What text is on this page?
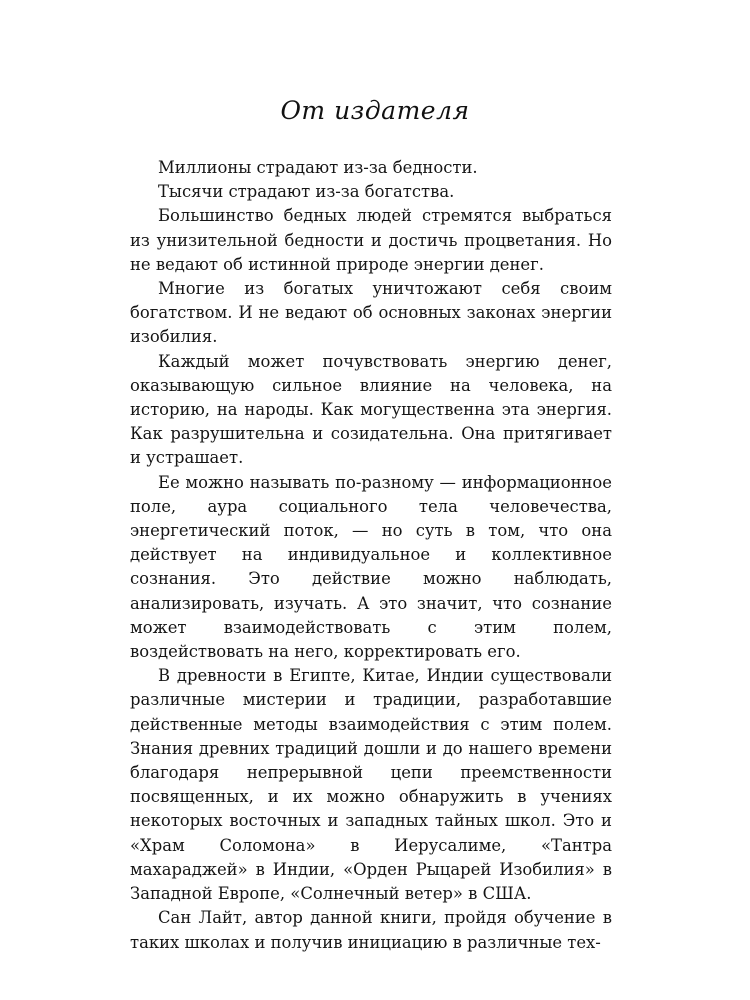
От издателя

Миллионы страдают из-за бедности.

Тысячи страдают из-за богатства.

Большинство бедных людей стремятся выбраться из унизительной бедности и достичь процветания. Но не ведают об истинной природе энергии денег.

Многие из богатых уничтожают себя своим богатством. И не ведают об основных законах энергии изобилия.

Каждый может почувствовать энергию денег, оказывающую сильное влияние на человека, на историю, на народы. Как могущественна эта энергия. Как разрушительна и созидательна. Она притягивает и устрашает.

Ее можно называть по-разному — информационное поле, аура социального тела человечества, энергетический поток, — но суть в том, что она действует на индивидуальное и коллективное сознания. Это действие можно наблюдать, анализировать, изучать. А это значит, что сознание может взаимодействовать с этим полем, воздействовать на него, корректировать его.

В древности в Египте, Китае, Индии существовали различные мистерии и традиции, разработавшие действенные методы взаимодействия с этим полем. Знания древних традиций дошли и до нашего времени благодаря непрерывной цепи преемственности посвященных, и их можно обнаружить в учениях некоторых восточных и западных тайных школ. Это и «Храм Соломона» в Иерусалиме, «Тантра махараджей» в Индии, «Орден Рыцарей Изобилия» в Западной Европе, «Солнечный ветер» в США.

Сан Лайт, автор данной книги, пройдя обучение в таких школах и получив инициацию в различные тех-
